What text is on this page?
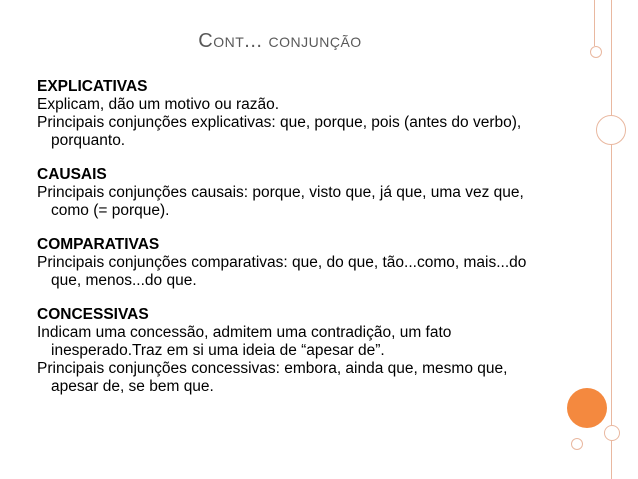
Cont... conjunção
EXPLICATIVAS
Explicam, dão um motivo ou razão.
Principais conjunções explicativas: que, porque, pois (antes do verbo), porquanto.
CAUSAIS
Principais conjunções causais: porque, visto que, já que, uma vez que, como (= porque).
COMPARATIVAS
Principais conjunções comparativas: que, do que, tão...como, mais...do que, menos...do que.
CONCESSIVAS
Indicam uma concessão, admitem uma contradição, um fato inesperado.Traz em si uma ideia de “apesar de”.
Principais conjunções concessivas: embora, ainda que, mesmo que, apesar de, se bem que.
